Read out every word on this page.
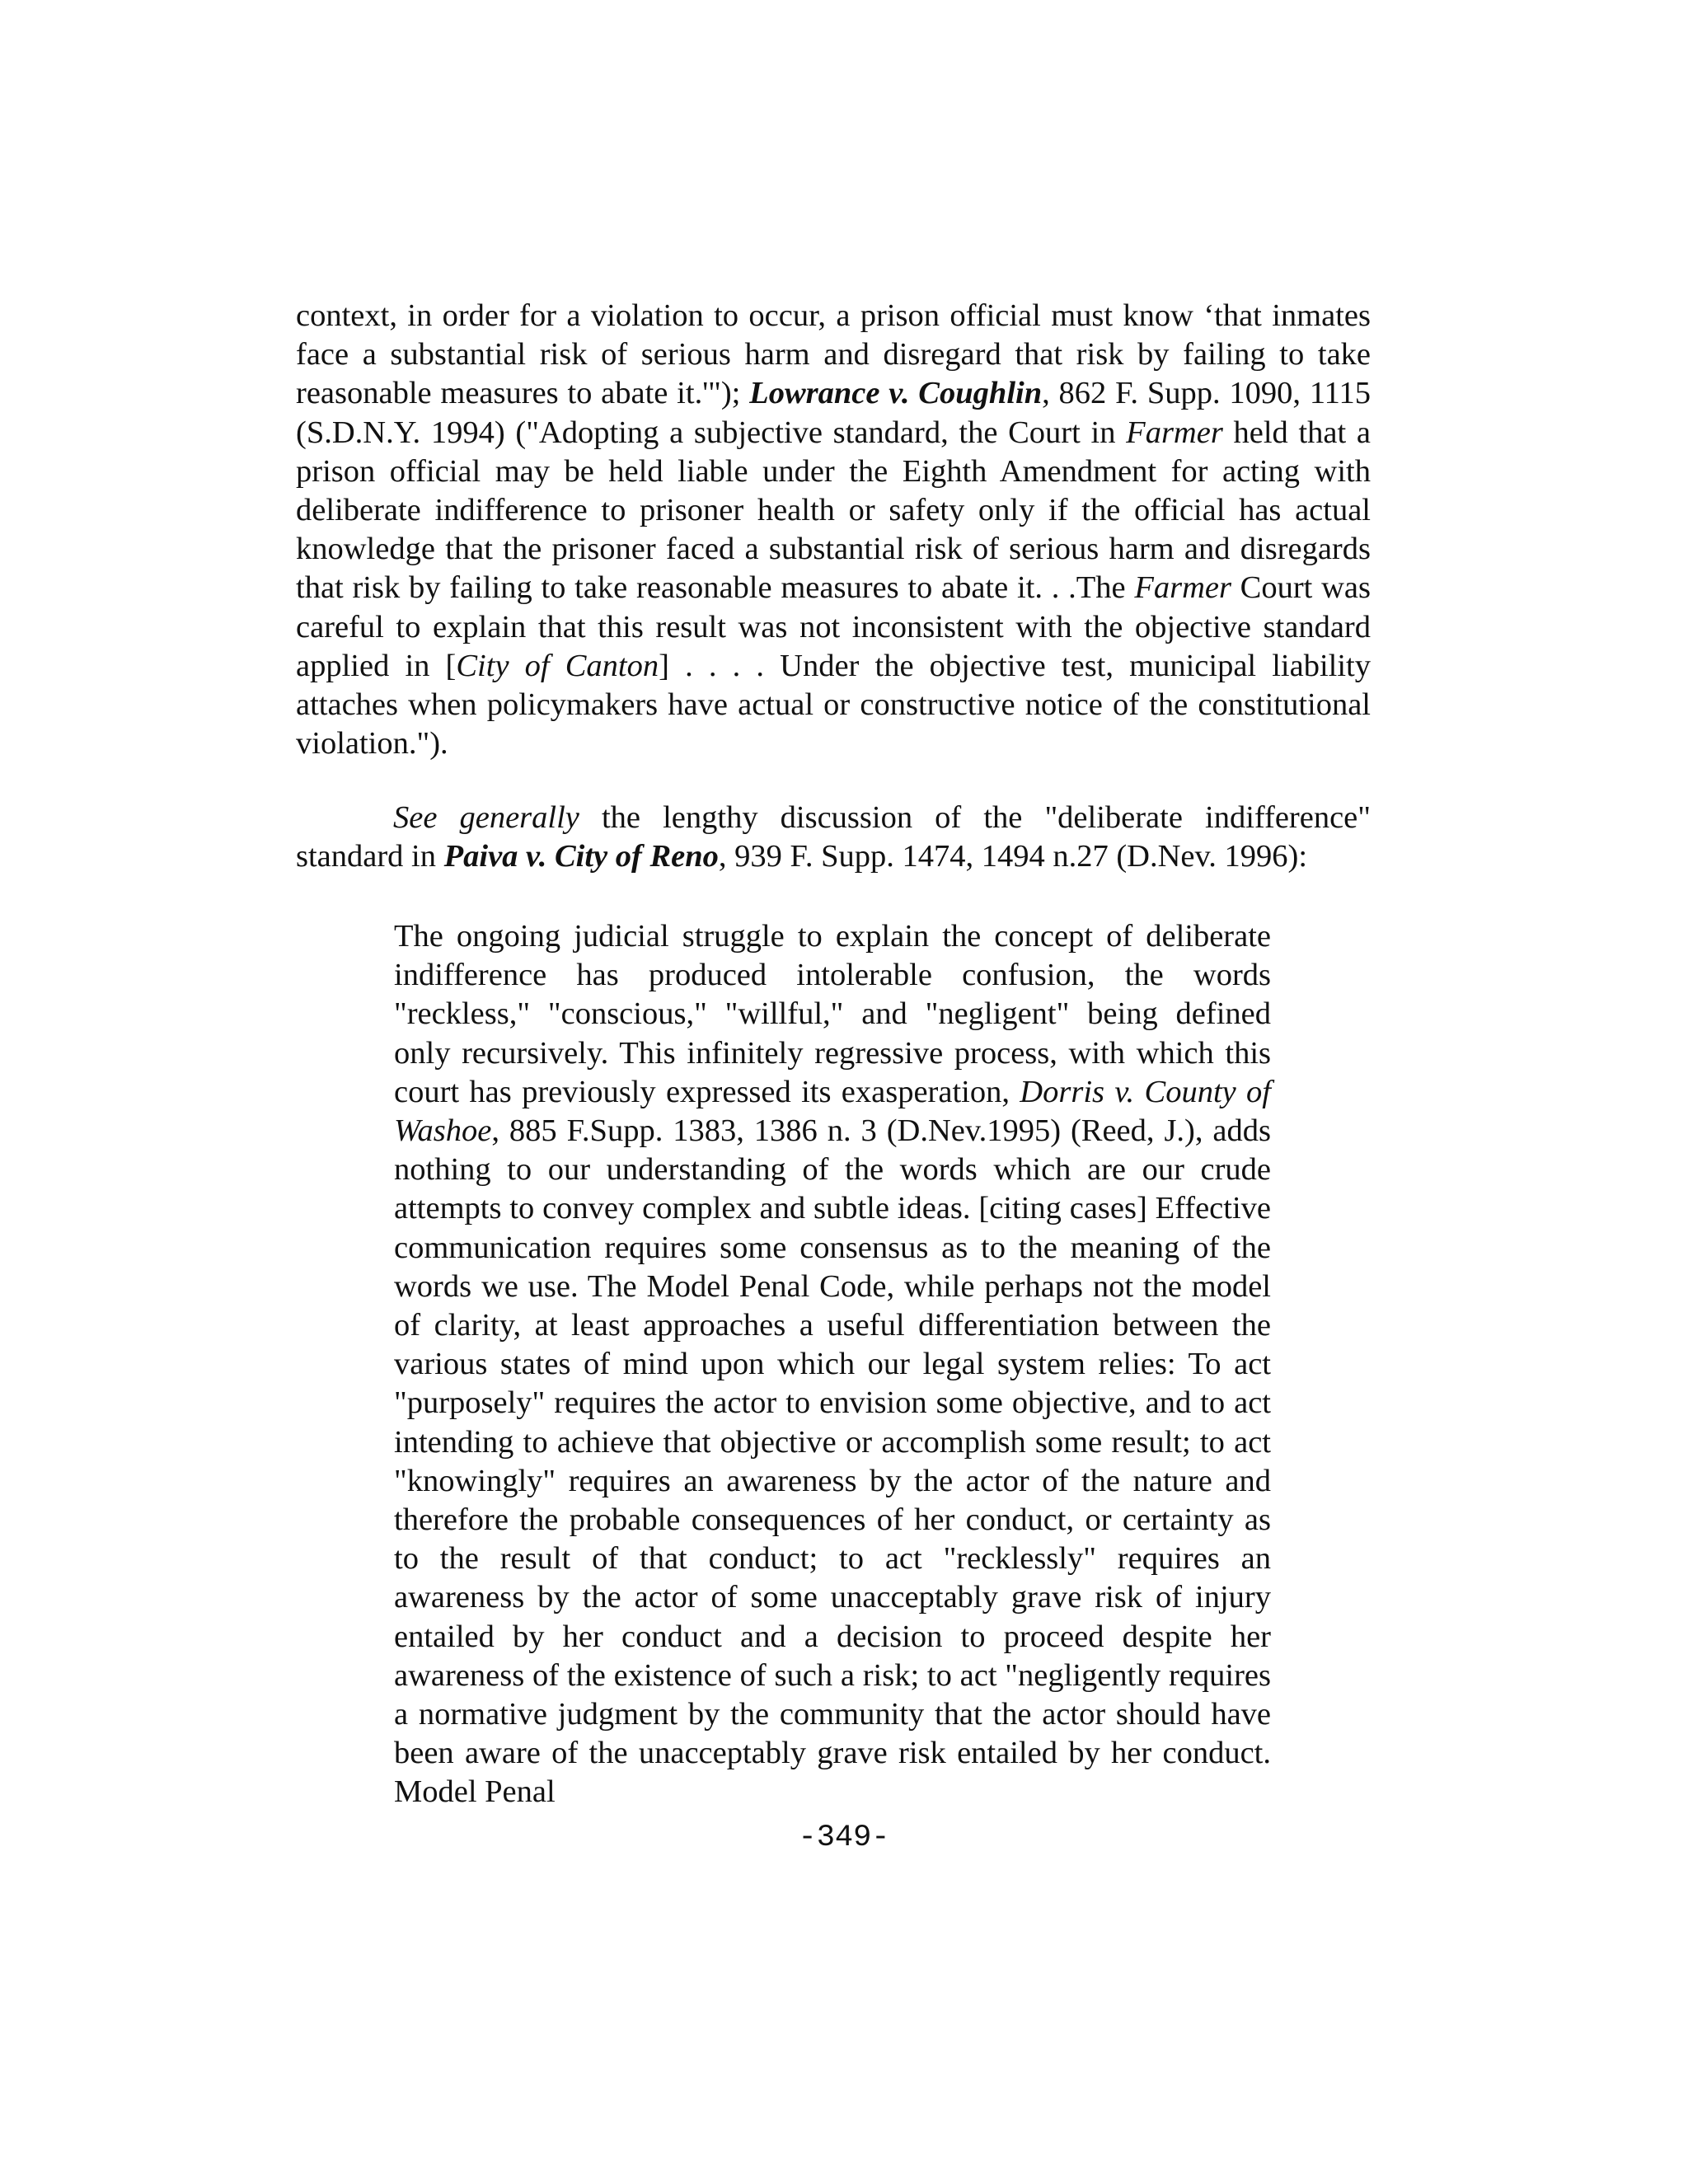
context, in order for a violation to occur, a prison official must know ‘that inmates face a substantial risk of serious harm and disregard that risk by failing to take reasonable measures to abate it.'"); Lowrance v. Coughlin, 862 F. Supp. 1090, 1115 (S.D.N.Y. 1994) ("Adopting a subjective standard, the Court in Farmer held that a prison official may be held liable under the Eighth Amendment for acting with deliberate indifference to prisoner health or safety only if the official has actual knowledge that the prisoner faced a substantial risk of serious harm and disregards that risk by failing to take reasonable measures to abate it. . .The Farmer Court was careful to explain that this result was not inconsistent with the objective standard applied in [City of Canton] . . . . Under the objective test, municipal liability attaches when policymakers have actual or constructive notice of the constitutional violation.").
See generally the lengthy discussion of the "deliberate indifference" standard in Paiva v. City of Reno, 939 F. Supp. 1474, 1494 n.27 (D.Nev. 1996):
The ongoing judicial struggle to explain the concept of deliberate indifference has produced intolerable confusion, the words "reckless," "conscious," "willful," and "negligent" being defined only recursively. This infinitely regressive process, with which this court has previously expressed its exasperation, Dorris v. County of Washoe, 885 F.Supp. 1383, 1386 n. 3 (D.Nev.1995) (Reed, J.), adds nothing to our understanding of the words which are our crude attempts to convey complex and subtle ideas. [citing cases] Effective communication requires some consensus as to the meaning of the words we use. The Model Penal Code, while perhaps not the model of clarity, at least approaches a useful differentiation between the various states of mind upon which our legal system relies: To act "purposely" requires the actor to envision some objective, and to act intending to achieve that objective or accomplish some result; to act "knowingly" requires an awareness by the actor of the nature and therefore the probable consequences of her conduct, or certainty as to the result of that conduct; to act "recklessly" requires an awareness by the actor of some unacceptably grave risk of injury entailed by her conduct and a decision to proceed despite her awareness of the existence of such a risk; to act "negligently requires a normative judgment by the community that the actor should have been aware of the unacceptably grave risk entailed by her conduct. Model Penal
-349-
